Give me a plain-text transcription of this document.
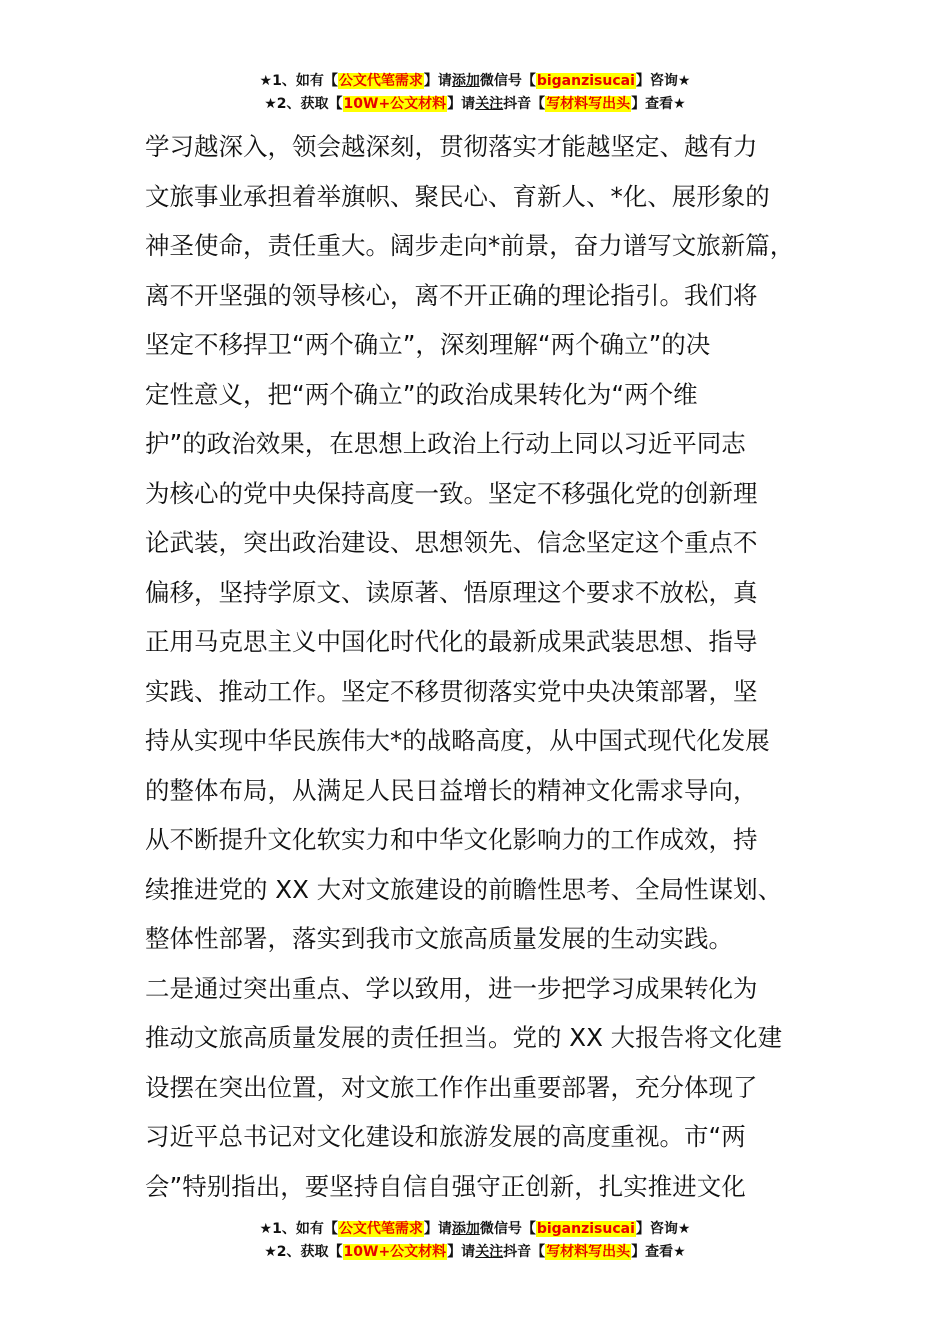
★1、如有【公文代笔需求】请添加微信号【biganzisucai】咨询★
★2、获取【10W+公文材料】请关注抖音【写材料写出头】查看★
学习越深入，领会越深刻，贯彻落实才能越坚定、越有力
文旅事业承担着举旗帜、聚民心、育新人、*化、展形象的
神圣使命，责任重大。阔步走向*前景，奋力谱写文旅新篇，
离不开坚强的领导核心，离不开正确的理论指引。我们将
坚定不移捍卫“两个确立”，深刻理解“两个确立”的决
定性意义，把“两个确立”的政治成果转化为“两个维
护”的政治效果，在思想上政治上行动上同以习近平同志
为核心的党中央保持高度一致。坚定不移强化党的创新理
论武装，突出政治建设、思想领先、信念坚定这个重点不
偏移，坚持学原文、读原著、悟原理这个要求不放松，真
正用马克思主义中国化时代化的最新成果武装思想、指导
实践、推动工作。坚定不移贯彻落实党中央决策部署，坚
持从实现中华民族伟大*的战略高度，从中国式现代化发展
的整体布局，从满足人民日益增长的精神文化需求导向，
从不断提升文化软实力和中华文化影响力的工作成效，持
续推进党的 XX 大对文旅建设的前瞻性思考、全局性谋划、
整体性部署，落实到我市文旅高质量发展的生动实践。
二是通过突出重点、学以致用，进一步把学习成果转化为
推动文旅高质量发展的责任担当。党的 XX 大报告将文化建
设摆在突出位置，对文旅工作作出重要部署，充分体现了
习近平总书记对文化建设和旅游发展的高度重视。市“两
会”特别指出，要坚持自信自强守正创新，扎实推进文化
★1、如有【公文代笔需求】请添加微信号【biganzisucai】咨询★
★2、获取【10W+公文材料】请关注抖音【写材料写出头】查看★
